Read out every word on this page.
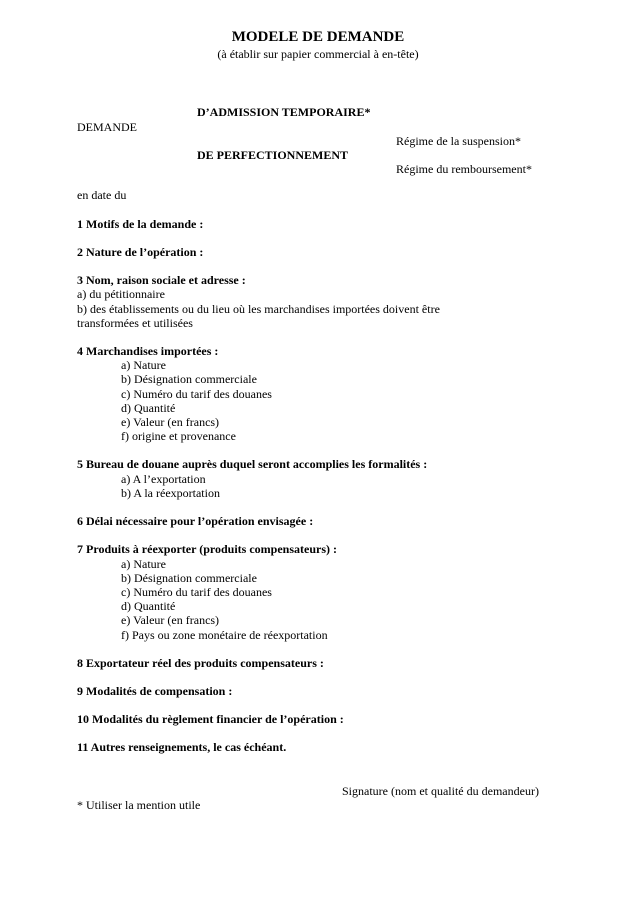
MODELE DE DEMANDE
(à établir sur papier commercial à en-tête)
D’ADMISSION TEMPORAIRE*
DEMANDE
Régime de la suspension*
DE PERFECTIONNEMENT
Régime du remboursement*
en date du
1 Motifs de la demande :
2 Nature de l’opération :
3 Nom, raison sociale et adresse :
a) du pétitionnaire
b) des établissements ou du lieu où les marchandises importées doivent être
transformées et utilisées
4 Marchandises importées :
a) Nature
b) Désignation commerciale
c) Numéro du tarif des douanes
d) Quantité
e) Valeur (en francs)
f) origine et provenance
5 Bureau de douane auprès duquel seront accomplies les formalités :
a) A l’exportation
b) A la réexportation
6 Délai nécessaire pour l’opération envisagée :
7 Produits à réexporter (produits compensateurs) :
a) Nature
b) Désignation commerciale
c) Numéro du tarif des douanes
d) Quantité
e) Valeur (en francs)
f) Pays ou zone monétaire de réexportation
8 Exportateur réel des produits compensateurs :
9 Modalités de compensation :
10 Modalités du règlement financier de l’opération :
11 Autres renseignements, le cas échéant.
Signature (nom et qualité du demandeur)
* Utiliser la mention utile
